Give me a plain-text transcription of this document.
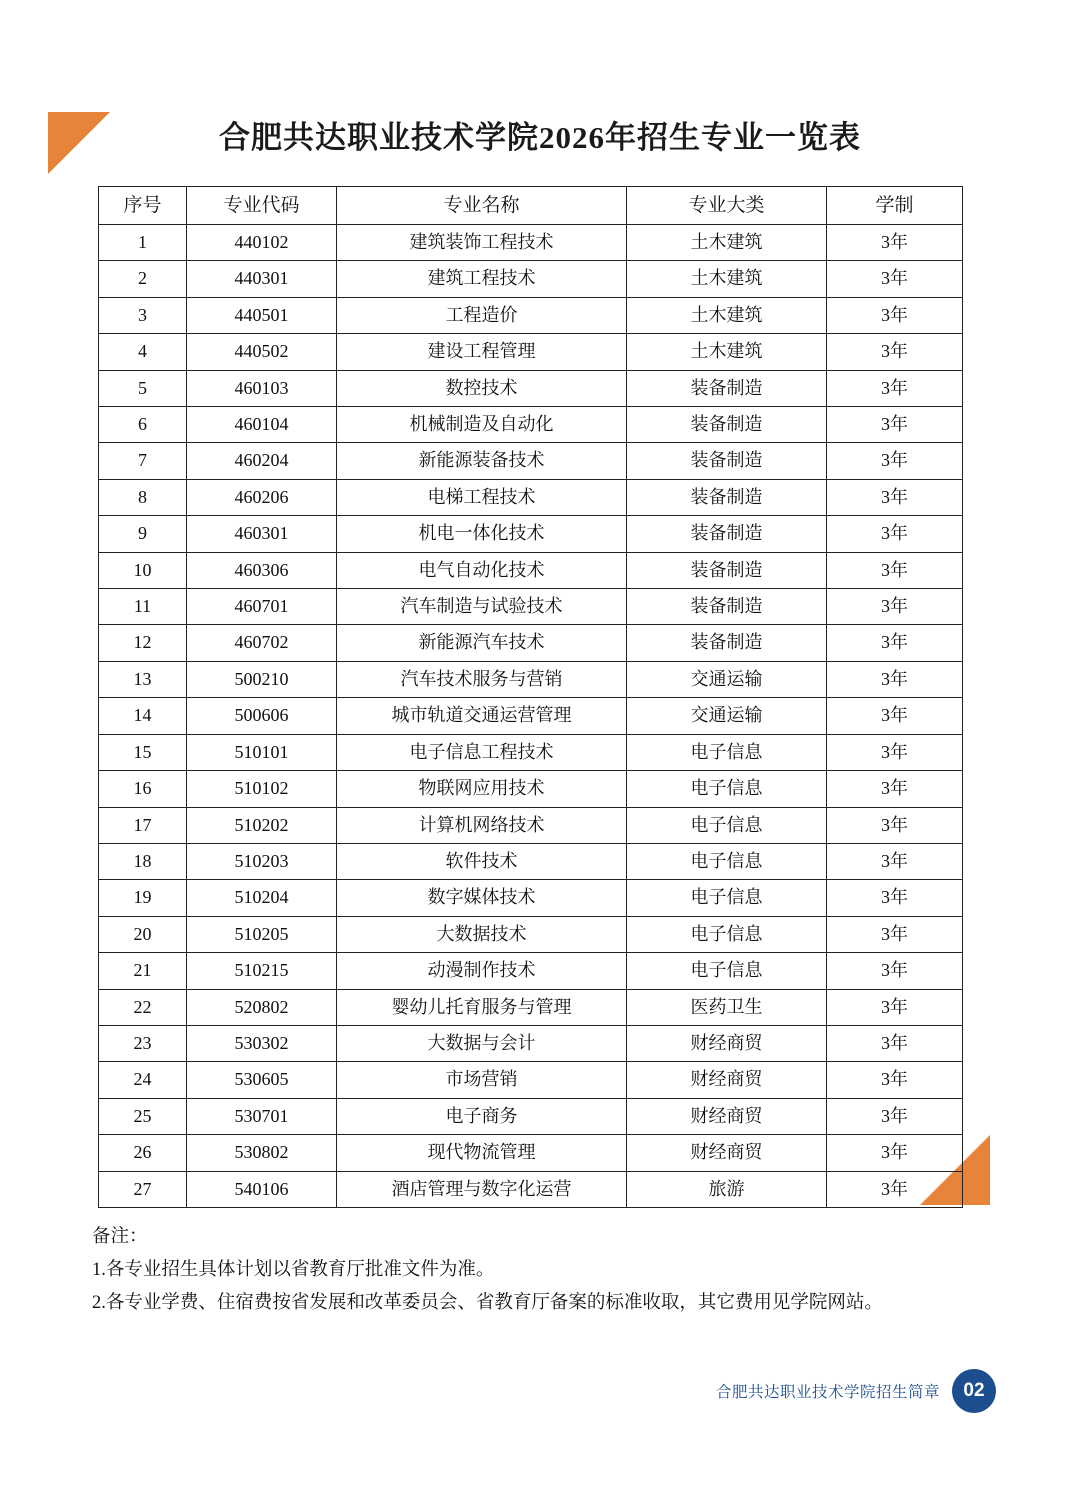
合肥共达职业技术学院2026年招生专业一览表
序号	专业代码	专业名称	专业大类	学制
1	440102	建筑装饰工程技术	土木建筑	3年
2	440301	建筑工程技术	土木建筑	3年
3	440501	工程造价	土木建筑	3年
4	440502	建设工程管理	土木建筑	3年
5	460103	数控技术	装备制造	3年
6	460104	机械制造及自动化	装备制造	3年
7	460204	新能源装备技术	装备制造	3年
8	460206	电梯工程技术	装备制造	3年
9	460301	机电一体化技术	装备制造	3年
10	460306	电气自动化技术	装备制造	3年
11	460701	汽车制造与试验技术	装备制造	3年
12	460702	新能源汽车技术	装备制造	3年
13	500210	汽车技术服务与营销	交通运输	3年
14	500606	城市轨道交通运营管理	交通运输	3年
15	510101	电子信息工程技术	电子信息	3年
16	510102	物联网应用技术	电子信息	3年
17	510202	计算机网络技术	电子信息	3年
18	510203	软件技术	电子信息	3年
19	510204	数字媒体技术	电子信息	3年
20	510205	大数据技术	电子信息	3年
21	510215	动漫制作技术	电子信息	3年
22	520802	婴幼儿托育服务与管理	医药卫生	3年
23	530302	大数据与会计	财经商贸	3年
24	530605	市场营销	财经商贸	3年
25	530701	电子商务	财经商贸	3年
26	530802	现代物流管理	财经商贸	3年
27	540106	酒店管理与数字化运营	旅游	3年
备注：
1.各专业招生具体计划以省教育厅批准文件为准。
2.各专业学费、住宿费按省发展和改革委员会、省教育厅备案的标准收取，其它费用见学院网站。
合肥共达职业技术学院招生简章	02
